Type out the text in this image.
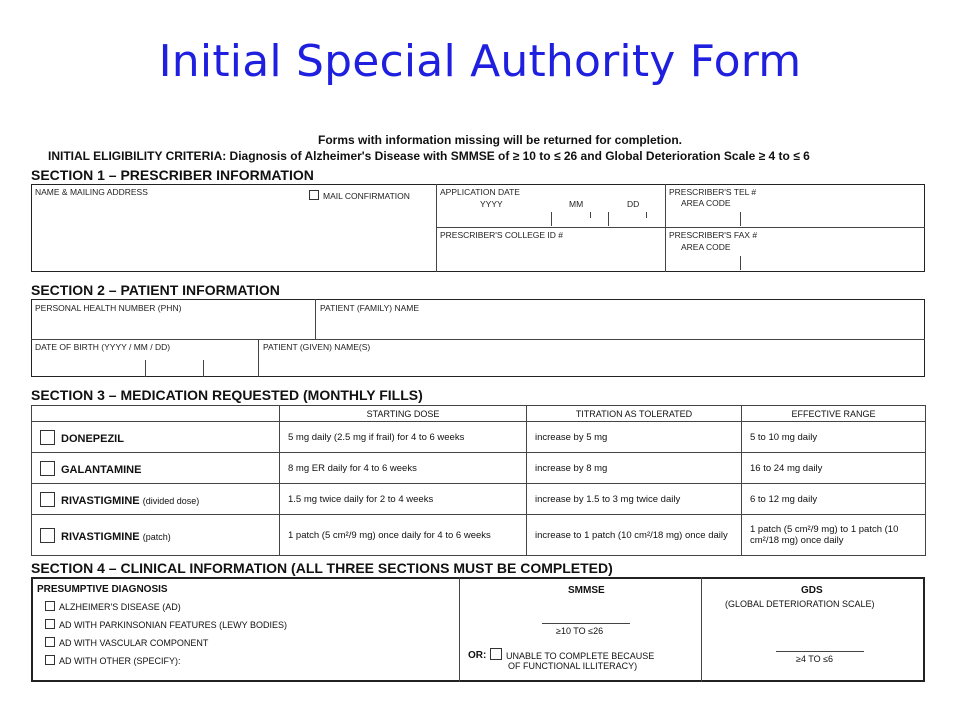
Initial Special Authority Form
Forms with information missing will be returned for completion.
INITIAL ELIGIBILITY CRITERIA: Diagnosis of Alzheimer's Disease with SMMSE of ≥ 10 to ≤ 26 and Global Deterioration Scale ≥ 4 to ≤ 6
SECTION 1 – PRESCRIBER INFORMATION
NAME & MAILING ADDRESS	MAIL CONFIRMATION	APPLICATION DATE
YYYY	MM	DD
PRESCRIBER'S TEL #
AREA CODE
PRESCRIBER'S COLLEGE ID #	PRESCRIBER'S FAX #
AREA CODE
SECTION 2 – PATIENT INFORMATION
PERSONAL HEALTH NUMBER (PHN)	PATIENT (FAMILY) NAME
DATE OF BIRTH (YYYY / MM / DD)	PATIENT (GIVEN) NAME(S)
SECTION 3 – MEDICATION REQUESTED (MONTHLY FILLS)
	STARTING DOSE	TITRATION AS TOLERATED	EFFECTIVE RANGE
DONEPEZIL	5 mg daily (2.5 mg if frail) for 4 to 6 weeks	increase by 5 mg	5 to 10 mg daily
GALANTAMINE	8 mg ER daily for 4 to 6 weeks	increase by 8 mg	16 to 24 mg daily
RIVASTIGMINE (divided dose)	1.5 mg twice daily for 2 to 4 weeks	increase by 1.5 to 3 mg twice daily	6 to 12 mg daily
RIVASTIGMINE (patch)	1 patch (5 cm²/9 mg) once daily for 4 to 6 weeks	increase to 1 patch (10 cm²/18 mg) once daily	1 patch (5 cm²/9 mg) to 1 patch (10 cm²/18 mg) once daily
SECTION 4 – CLINICAL INFORMATION (ALL THREE SECTIONS MUST BE COMPLETED)
PRESUMPTIVE DIAGNOSIS
ALZHEIMER'S DISEASE (AD)
AD WITH PARKINSONIAN FEATURES (LEWY BODIES)
AD WITH VASCULAR COMPONENT
AD WITH OTHER (SPECIFY):
SMMSE
≥10 TO ≤26
OR:	UNABLE TO COMPLETE BECAUSE
OF FUNCTIONAL ILLITERACY)
GDS
(GLOBAL DETERIORATION SCALE)
≥4 TO ≤6
